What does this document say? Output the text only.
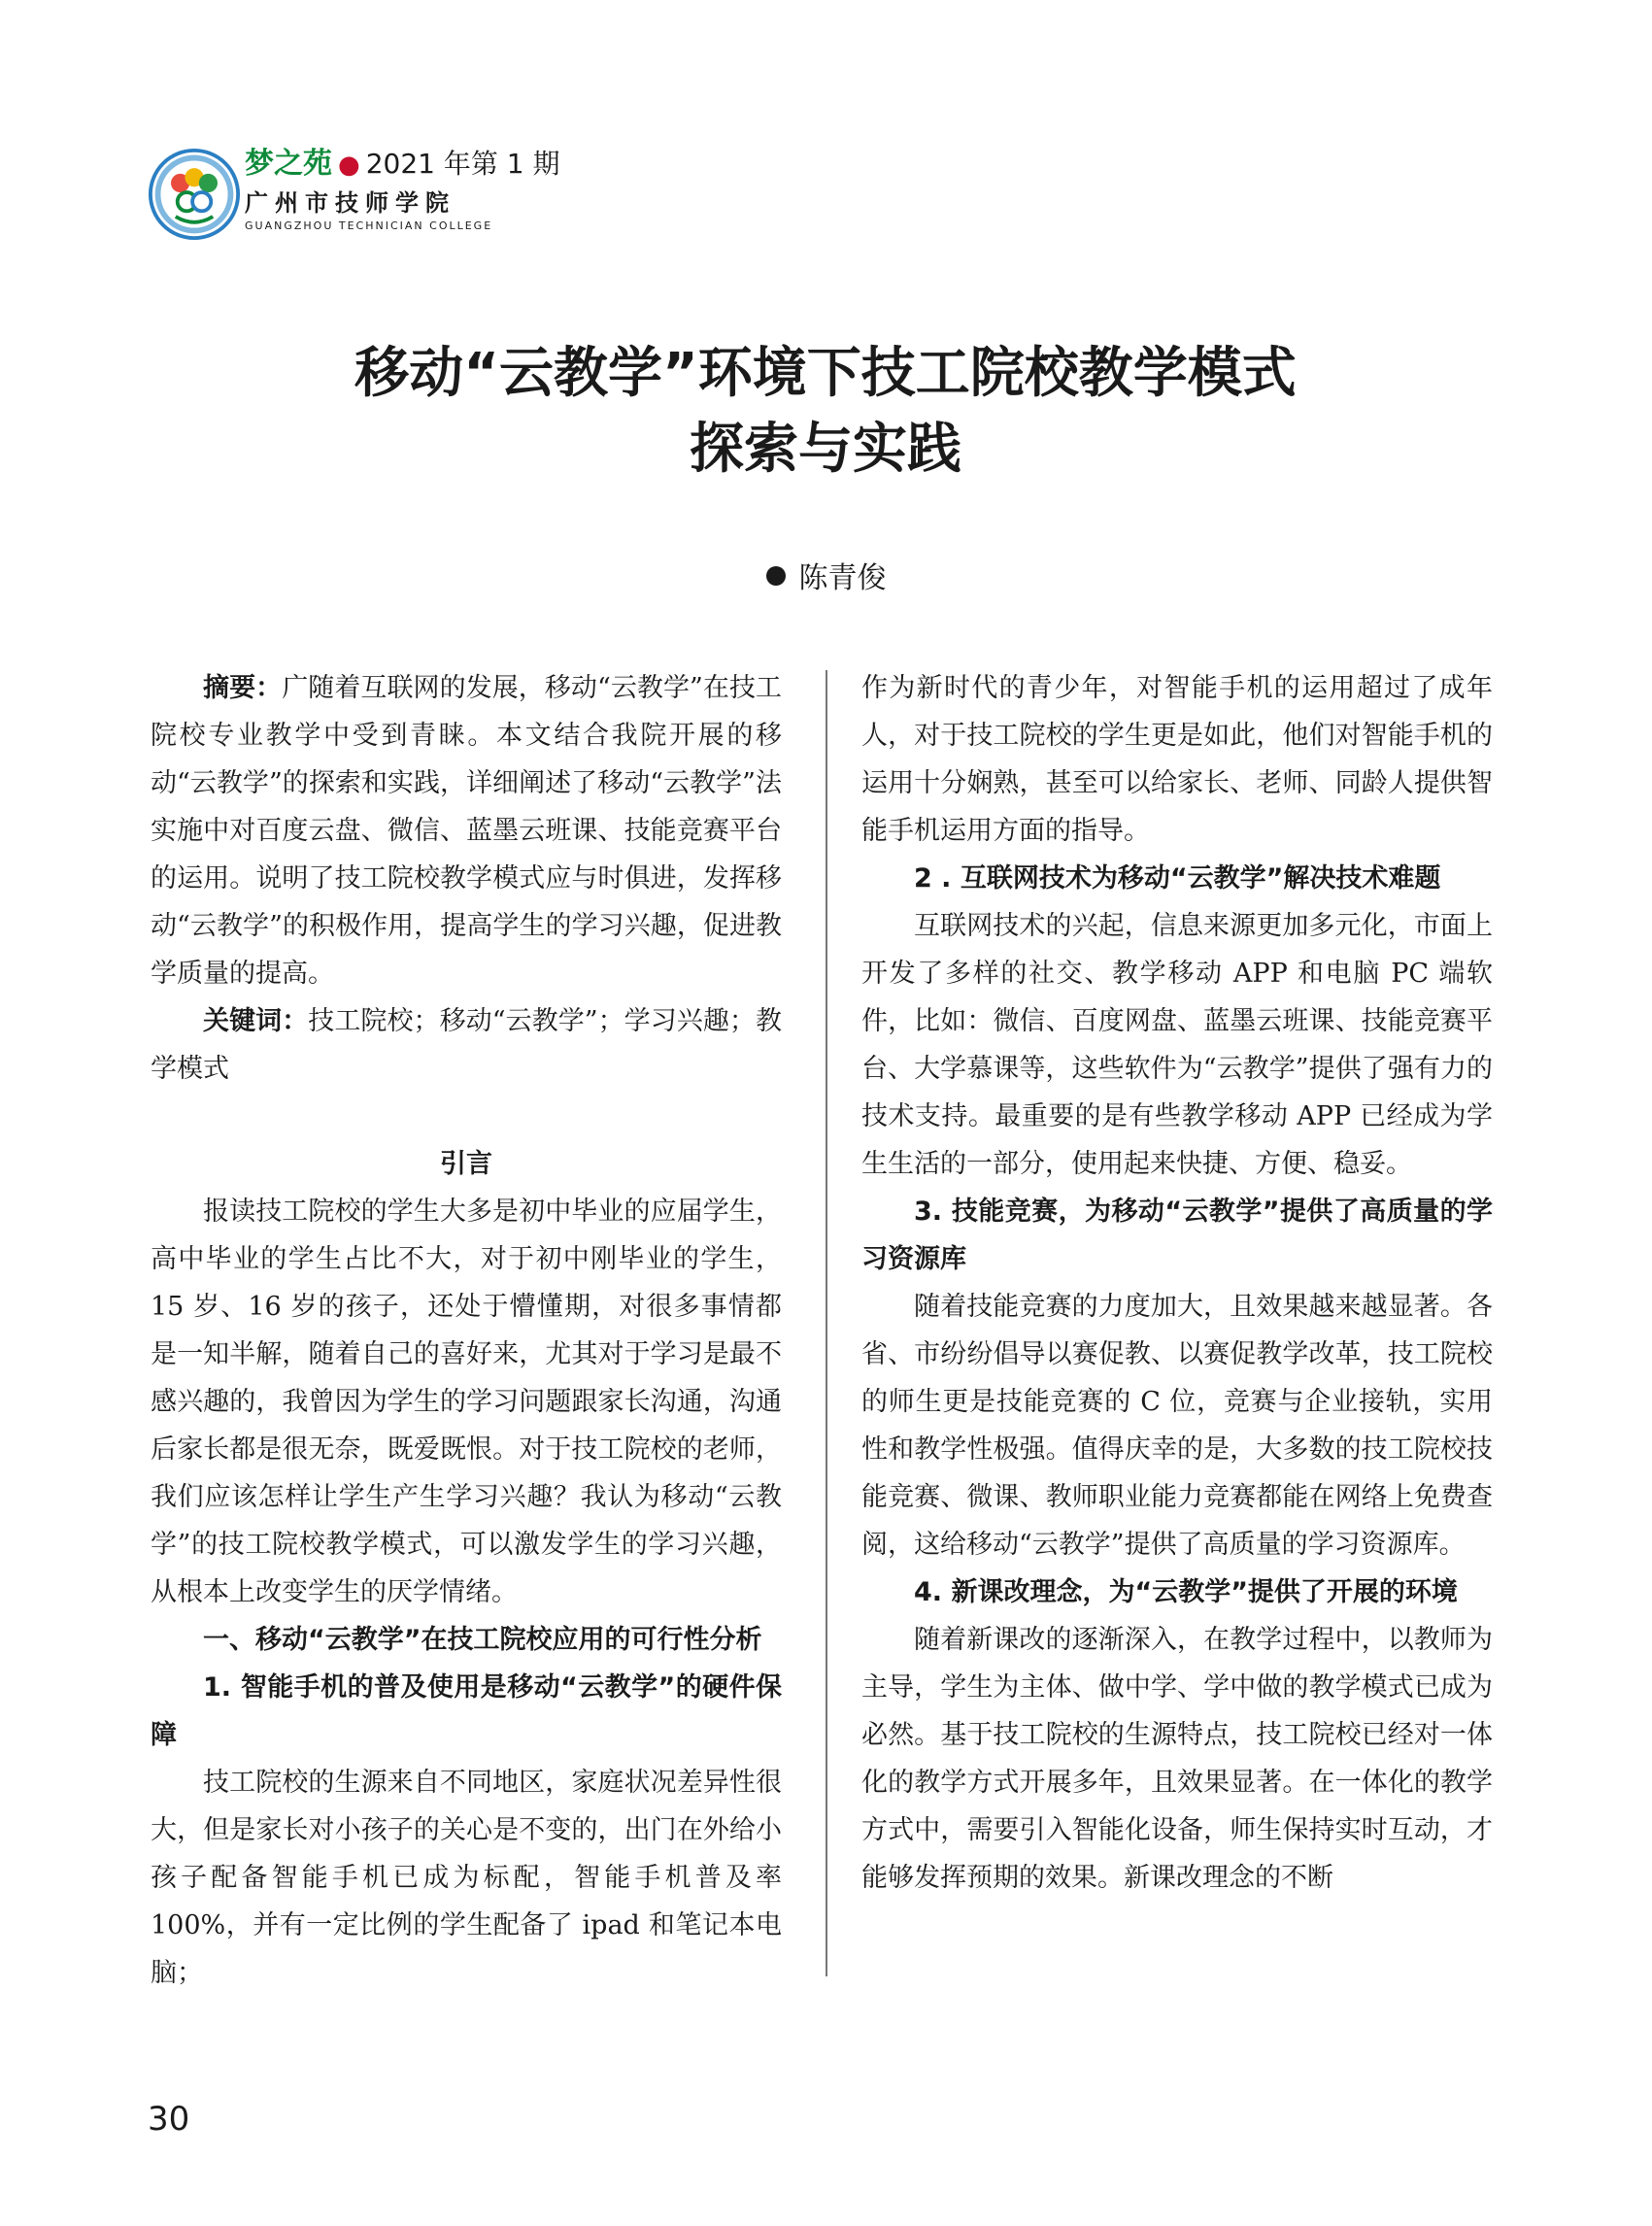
梦之苑 ● 2021 年第 1 期
广州市技师学院
GUANGZHOU TECHNICIAN COLLEGE
移动“云教学”环境下技工院校教学模式
探索与实践
陈青俊

摘要：广随着互联网的发展，移动“云教学”在技工院校专业教学中受到青睐。本文结合我院开展的移动“云教学”的探索和实践，详细阐述了移动“云教学”法实施中对百度云盘、微信、蓝墨云班课、技能竞赛平台的运用。说明了技工院校教学模式应与时俱进，发挥移动“云教学”的积极作用，提高学生的学习兴趣，促进教学质量的提高。

关键词：技工院校；移动“云教学”；学习兴趣；教学模式

引言

报读技工院校的学生大多是初中毕业的应届学生，高中毕业的学生占比不大，对于初中刚毕业的学生，15 岁、16 岁的孩子，还处于懵懂期，对很多事情都是一知半解，随着自己的喜好来，尤其对于学习是最不感兴趣的，我曾因为学生的学习问题跟家长沟通，沟通后家长都是很无奈，既爱既恨。对于技工院校的老师，我们应该怎样让学生产生学习兴趣？我认为移动“云教学”的技工院校教学模式，可以激发学生的学习兴趣，从根本上改变学生的厌学情绪。

一、移动“云教学”在技工院校应用的可行性分析

1. 智能手机的普及使用是移动“云教学”的硬件保障

技工院校的生源来自不同地区，家庭状况差异性很大，但是家长对小孩子的关心是不变的，出门在外给小孩子配备智能手机已成为标配，智能手机普及率 100%，并有一定比例的学生配备了 ipad 和笔记本电脑；

作为新时代的青少年，对智能手机的运用超过了成年人，对于技工院校的学生更是如此，他们对智能手机的运用十分娴熟，甚至可以给家长、老师、同龄人提供智能手机运用方面的指导。

2 . 互联网技术为移动“云教学”解决技术难题

互联网技术的兴起，信息来源更加多元化，市面上开发了多样的社交、教学移动 APP 和电脑 PC 端软件，比如：微信、百度网盘、蓝墨云班课、技能竞赛平台、大学慕课等，这些软件为“云教学”提供了强有力的技术支持。最重要的是有些教学移动 APP 已经成为学生生活的一部分，使用起来快捷、方便、稳妥。

3. 技能竞赛，为移动“云教学”提供了高质量的学习资源库

随着技能竞赛的力度加大，且效果越来越显著。各省、市纷纷倡导以赛促教、以赛促教学改革，技工院校的师生更是技能竞赛的 C 位，竞赛与企业接轨，实用性和教学性极强。值得庆幸的是，大多数的技工院校技能竞赛、微课、教师职业能力竞赛都能在网络上免费查阅，这给移动“云教学”提供了高质量的学习资源库。

4. 新课改理念，为“云教学”提供了开展的环境

随着新课改的逐渐深入，在教学过程中，以教师为主导，学生为主体、做中学、学中做的教学模式已成为必然。基于技工院校的生源特点，技工院校已经对一体化的教学方式开展多年，且效果显著。在一体化的教学方式中，需要引入智能化设备，师生保持实时互动，才能够发挥预期的效果。新课改理念的不断

30
